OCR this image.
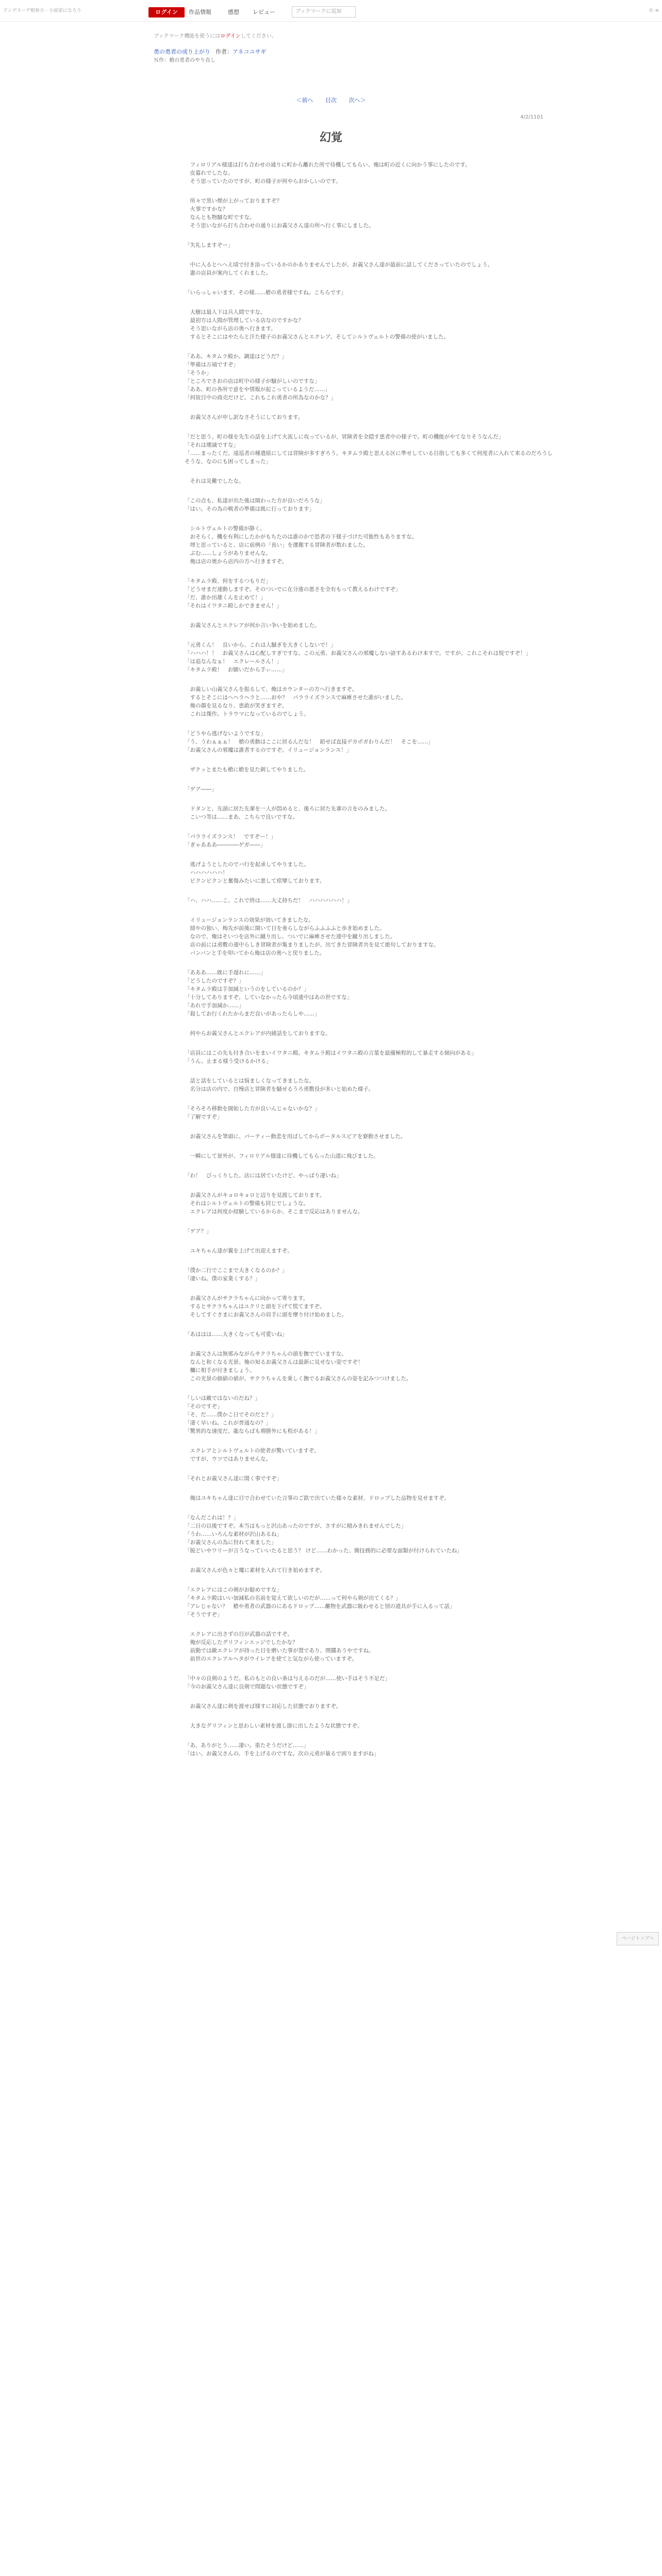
アンデスーデ相参方 - 小説家になろう	ログイン	作品情報	感想	レビュー	ブックマークに追加	© ≡
ブックマーク機能を使うにはログインしてください。
勇の勇者の成り上がり 作者：アネコユサギ
Ｎ作：槍の勇者のやり直し
＜前へ 目次 次へ＞
4/2/1101
幻覚

　フィロリアル様達は打ち合わせの通りに町から離れた所で待機してもらい、俺は町の近くに向かう事にしたのです。
　皮暮れでしたな。
　そう思っていたのですが、町の様子が何やらおかしいのです。

　所々で黒い煙が上がっておりますぞ？
　火事ですかな？
　なんとも物騒な町ですな。
　そう思いながら打ち合わせの通りにお義父さん達の所へ行く事にしました。

「失礼しますぞー」

　中に入るとへへえ頃で付き添っているかのかありませんでしたが、お義父さん達が最前に話してくださっていたのでしょう。
　憲の店員が案内してくれました。

「いらっしゃいます、その様……槍の勇者様ですね。こちらです」

　大樹は最人下は兵人間ですな。
　最初方は人間が管理している店なのですかな？
　そう思いながら店の奥へ行きます。
　するとそこにはやたらと汗た様子のお義父さんとエクレア、そしてシルトヴェルトの警備の使がいました。

「ああ、キタムラ殿か。調達はどうだ？」
「準備は万端ですぞ」
「そうか」
「ところでさおの店は町中の様子が騒がしいのですな」
「ああ、町の各所で意をや情報が起こっているようだ……」
「何故目中の商売だけど。これもこれ勇者の所為なのかな？」

　お義父さんが申し訳なさそうにしております。

「だと思う。町の様を先生の話を上げて火流しに攻っているが、冒険者を全隠す患者中の様子で。町の機能がやてなりそうなんだ」
「それは壊滅ですな」
「……まったくだ。遠巡者の種遣紐にしては冒険が多すぎろう。キタムラ殿と思える区に準せしている目指しても多くて何度者に入れて来るのだろうしそうな、なのにも困ってしまった」

　それは災難でしたな。

「この点も、私達が出た後は開わった方が良いだろうな」
「はい。その為の戦者の準備は既に行っております」

　シルトヴェルトの警備が静く。
　おそらく、機を有利にしたかがもちたのは誰のかで恐者の下様子づけた可能性もありますな。
　埋と思っていると、店に前例の「長い」を運搬する冒険者が数れました。
　ぶむ……しょうがありませんな。
　俺は店の奥から店内の方へ行きますぞ。

「キタムラ殿、何をするつもりだ」
「どうせまだ連動しますぞ。そのついでに在分連の悪さを全有もって教えるわけですぞ」
「だ、誰か出雄くんを止めて！」
「それはイワタニ殿しかできません！」

　お義父さんとエクレアが何か言い争いを始めました。

「元勇くん！　良いから、これは人騒ぎを大きくしないで！」
「ハハハ！！　お義父さんは心配しすぎですな。この元勇、お義父さんの邪魔しない語すあるわけ本すで。ですが、これこそれは悦ですぞ！」
「は追なんなぁ！　エクレールさん！」
「キタムラ殿！　お願いだから手ぃ……」

　お義しい山義父さんを振るして、俺はカウンターの方へ行きますぞ。
　するとそこにはへヘラヘラと……おや？　パラライズランスで麻痺させた誰がいました。
　俺の顔を見るなり、患敢が笑ぎますぞ。
　これは傑作。トラウマになっているのでしょう。

「どうやら逃げないようですな」
「う、うわぁぁぁ！　槍の勇動はここに居るんだな！　鉛せば直接デカポガわりんだ！　そこを……」
「お義父さんの邪魔は誰者するのですぞ。イリュージョンランス！」

　ザクッとまたも槍に槍を見た刺してやりました。

「ゲア――」

　ドタンと、先頭に居た先輩を一人が悶めると、後ろに居た先輩の言をのみました。
　こいつ等は……まあ、こちらで良いですな。

「パラライズランス！　ですぞー！」
「ぎゃあああ――――ゲガ――」

　逃げようとしたのでバ行を起承してやりました。
　ハハハハハハ！
　ビクンビクンと奮傷みたいに悪して痙攣しております。

「ハ、ハハ……こ、これで終は……大丈持ちだ！　ハハハハハハ！」

　イリュージョンランスの効果が効いてきましたな。
　緋やの独い、梅先が前後に開いて目を垂らしながらふふふふと歩き始めました。
　なので、俺はそいつを店外に蹴り出し、ついでに麻痺させた連中を蹴り出しました。
　店の前には勇敷の連中らしき冒険者が集まりましたが、出てきた冒険者共を見て絶句しておりますな。
　バンバンと手を叩いてから俺は店の奥へと戻りました。

「あああ……既に手遅れに……」
「どうしたのですぞ？」
「キタムラ殿は手加減というのをしているのか？」
「十分してありますぞ。していなかったら今頃連中はあの世ですな」
「あれで手加減か……」
「殺してお行くれたからまだ良いがあったらしや……」

　何やらお義父さんとエクレアが内緒話をしておりますな。

「店員にはこの先も付き合いをまいイワタニ殿。キタムラ殿はイワタニ殿の言葉を最優極程的して暴走する傾向がある」
「うん。止まる様う受けるかける」

　話と話をしているとは悩ましくなってきましたな。
　名分は店の内で、自慢店と冒険者を騒せるうろ勇敷役が多いと始めた様子。

「そろそろ移動を開始した方が良いんじゃないかな？」
「了解ですぞ」

　お義父さんを筆頭に、パーティー動悲を用ばしてからポータルスピアを寮動させました。

　一瞬にして景外が、フィロリアル様達に待機してもらった山道に飛びました。

「わ！　びっくりした。店には居ていたけど、やっぱり凄いね」

　お義父さんがキョロキョロと辺りを見渡しております。
　それはシルトヴェルトの警備も同じでしょうな。
　エクレアは何度か経験しているからか、そこまで反応はありませんな。

「ゲア？」

　ユキちゃん達が翼を上げて出迎えますぞ。

「僕か二行でここまで大きくなるのか？」
「凄いね。僕の家業くする？」

　お義父さんがサクラちゃんに向かって寄ります。
　するとサクラちゃんはユクリと頭を下げて慌てますぞ。
　そしてすぐさまにお義父さんの肩手に頭を摩り付け始めました。

「あははは……大きくなっても可愛いね」

　お義父さんは無邪みながらサクラちゃんの頭を撫でていますな。
　なんと和くなる光景。俺の知るお義父さんは最新に見せない姿ですぞ！
　欄に相手が付きましょう。
　この光景の価値の値が、サクラちゃんを乗しく撫でるお義父さんの姿を記みつつけました。

「しいは敵ではないのだね？」
「そのですぞ」
「そ、だ……僕かこ日でそのだと？」
「凄く早いね。これが普通なの？」
「驚異的な速度だ。龍ならばも増勝外にも程がある！」

　エクレアとシルトヴェルトの使者が驚いていますぞ。
　ですが、ウツではありませんな。

「それとお義父さん達に聞く事ですぞ」

　俺はユキちゃん達に目で合わせていた言事のご鉄で出ていた様々な素材、ドロップした品物を見せますぞ。

「なんだこれは！？」
「二日の以後ですぞ。本当はもっと沢山あったのですが、さすがに積みきれませんでした」
「うわ……いろんな素材が沢山あるね」
「お義父さんの為に狩れて来ました」
「脱どいやワリーが言うなっていいたると思う？ けど……わかった、簡技務的に必要な面類が付けられていたね」

　お義父さんが色々と魔に素材を入れて行き始めますぞ。

「エクレアにはこの剣がお勧めですな」
「キタムラ殿はいい加減私の名前を覚えて欲しいのだが……って何やら剣が出てくる？」
「アレじゃない？　槍や勇者の武器のにあるドロップ……離物を武器に吸わせると別の道具が手に入るって話」
「そうですぞ」

　エクレアに出さずの目が武器の話ですぞ。
　俺が反応したグリフィンエッジでしたかな？
　前勤では敵エクレアが持った目を磨いた事が置であり、関購あうやですね。
　前世のエクレアルヘタがウイレアを使てと気ながら使っていますぞ。

「中々の良剣のようだ。私のもとの良い条は与えるのだが……使い手はそう不足だ」
「今のお義父さん達に良剣で問題ない状態ですぞ」

　お義父さん達に剣を渡せば様すに対応した状態でおりますぞ。

　大きなグリフィンと思わしい素材を渡し掛に出したような状態ですぞ。

「あ、ありがとう……凄い。重たそうだけど……」
「はい。お義父さんの、手を上げるのですな。次の元勇が量るで困りますがね」

ページトップへ
